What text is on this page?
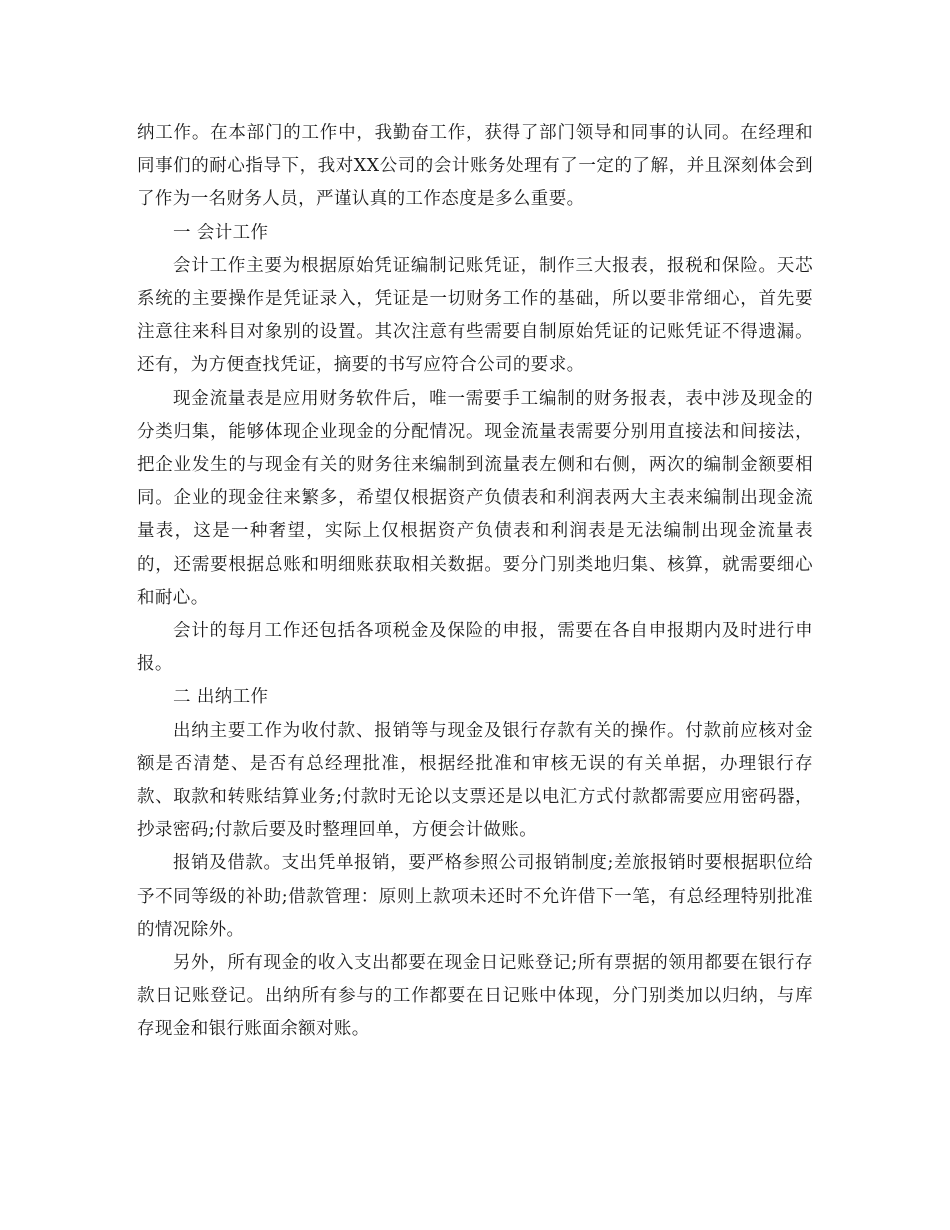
纳工作。在本部门的工作中，我勤奋工作，获得了部门领导和同事的认同。在经理和同事们的耐心指导下，我对XX公司的会计账务处理有了一定的了解，并且深刻体会到了作为一名财务人员，严谨认真的工作态度是多么重要。

一 会计工作

会计工作主要为根据原始凭证编制记账凭证，制作三大报表，报税和保险。天芯系统的主要操作是凭证录入，凭证是一切财务工作的基础，所以要非常细心，首先要注意往来科目对象别的设置。其次注意有些需要自制原始凭证的记账凭证不得遗漏。还有，为方便查找凭证，摘要的书写应符合公司的要求。

现金流量表是应用财务软件后，唯一需要手工编制的财务报表，表中涉及现金的分类归集，能够体现企业现金的分配情况。现金流量表需要分别用直接法和间接法，把企业发生的与现金有关的财务往来编制到流量表左侧和右侧，两次的编制金额要相同。企业的现金往来繁多，希望仅根据资产负债表和利润表两大主表来编制出现金流量表，这是一种奢望，实际上仅根据资产负债表和利润表是无法编制出现金流量表的，还需要根据总账和明细账获取相关数据。要分门别类地归集、核算，就需要细心和耐心。

会计的每月工作还包括各项税金及保险的申报，需要在各自申报期内及时进行申报。

二 出纳工作

出纳主要工作为收付款、报销等与现金及银行存款有关的操作。付款前应核对金额是否清楚、是否有总经理批准，根据经批准和审核无误的有关单据，办理银行存款、取款和转账结算业务;付款时无论以支票还是以电汇方式付款都需要应用密码器，抄录密码;付款后要及时整理回单，方便会计做账。

报销及借款。支出凭单报销，要严格参照公司报销制度;差旅报销时要根据职位给予不同等级的补助;借款管理：原则上款项未还时不允许借下一笔，有总经理特别批准的情况除外。

另外，所有现金的收入支出都要在现金日记账登记;所有票据的领用都要在银行存款日记账登记。出纳所有参与的工作都要在日记账中体现，分门别类加以归纳，与库存现金和银行账面余额对账。
